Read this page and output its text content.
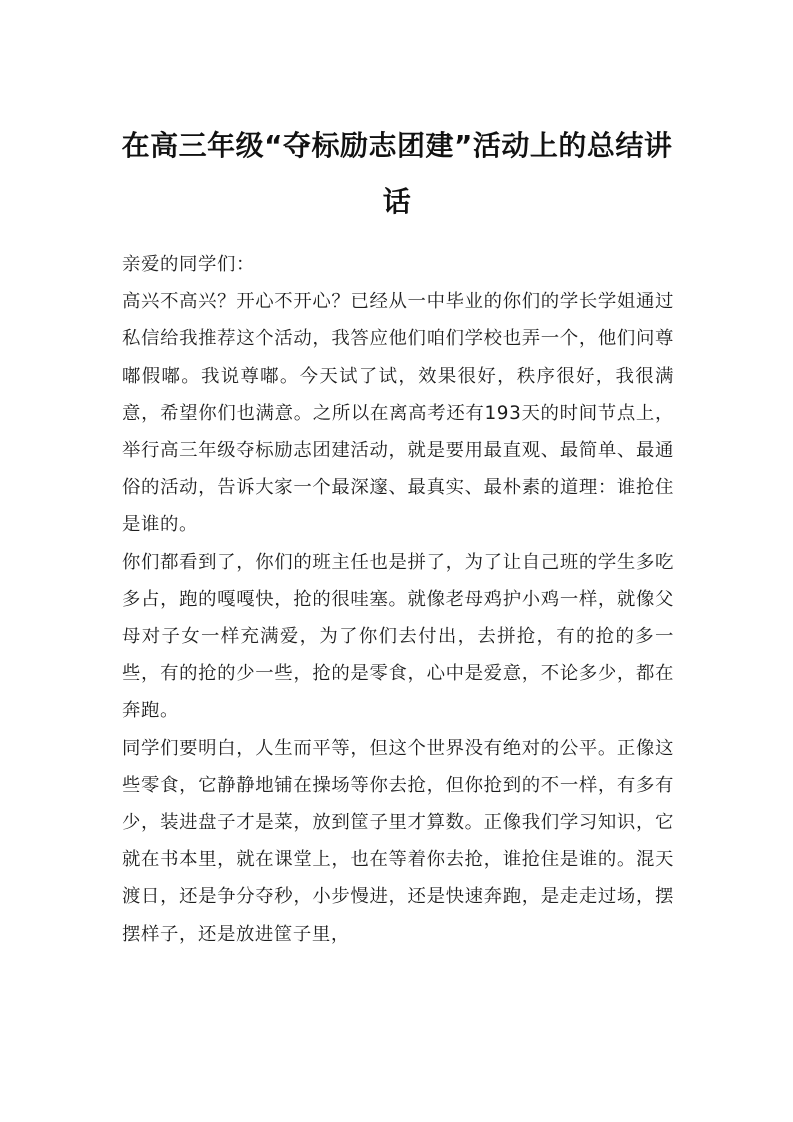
在高三年级“夺标励志团建”活动上的总结讲话

亲爱的同学们：

高兴不高兴？开心不开心？已经从一中毕业的你们的学长学姐通过私信给我推荐这个活动，我答应他们咱们学校也弄一个，他们问尊嘟假嘟。我说尊嘟。今天试了试，效果很好，秩序很好，我很满意，希望你们也满意。之所以在离高考还有193天的时间节点上，举行高三年级夺标励志团建活动，就是要用最直观、最简单、最通俗的活动，告诉大家一个最深邃、最真实、最朴素的道理：谁抢住是谁的。

你们都看到了，你们的班主任也是拼了，为了让自己班的学生多吃多占，跑的嘎嘎快，抢的很哇塞。就像老母鸡护小鸡一样，就像父母对子女一样充满爱，为了你们去付出，去拼抢，有的抢的多一些，有的抢的少一些，抢的是零食，心中是爱意，不论多少，都在奔跑。

同学们要明白，人生而平等，但这个世界没有绝对的公平。正像这些零食，它静静地铺在操场等你去抢，但你抢到的不一样，有多有少，装进盘子才是菜，放到筐子里才算数。正像我们学习知识，它就在书本里，就在课堂上，也在等着你去抢，谁抢住是谁的。混天渡日，还是争分夺秒，小步慢进，还是快速奔跑，是走走过场，摆摆样子，还是放进筐子里，
